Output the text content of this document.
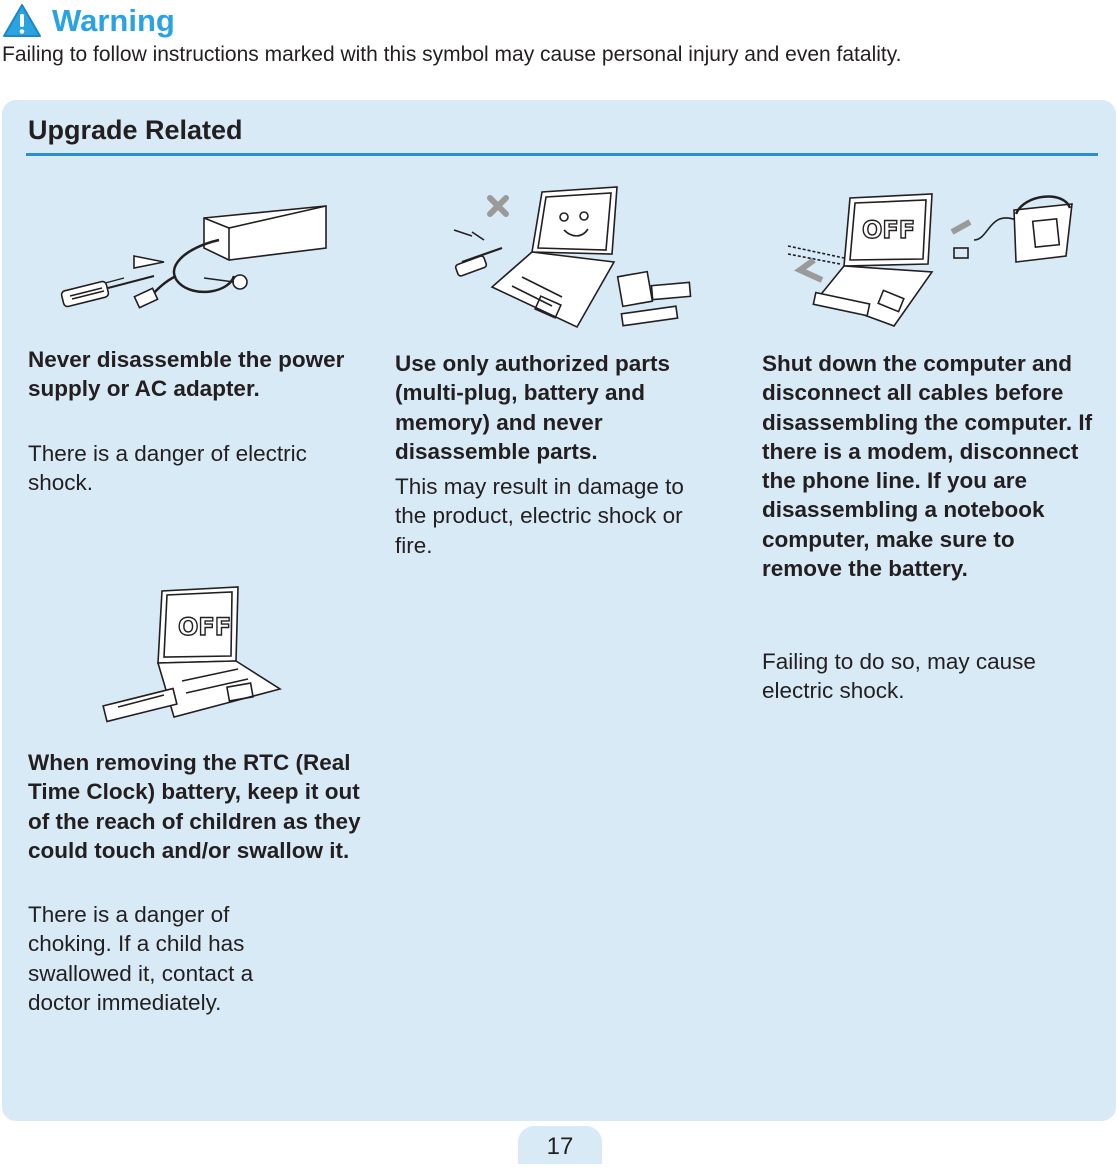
Warning
Failing to follow instructions marked with this symbol may cause personal injury and even fatality.
Upgrade Related
OFF
OFF
Never disassemble the power supply or AC adapter.
There is a danger of electric shock.
Use only authorized parts (multi-plug, battery and memory) and never disassemble parts.
This may result in damage to the product, electric shock or fire.
Shut down the computer and disconnect all cables before disassembling the computer. If there is a modem, disconnect the phone line. If you are disassembling a notebook computer, make sure to remove the battery.
Failing to do so, may cause electric shock.
When removing the RTC (Real Time Clock) battery, keep it out of the reach of children as they could touch and/or swallow it.
There is a danger of choking. If a child has swallowed it, contact a doctor immediately.
17
